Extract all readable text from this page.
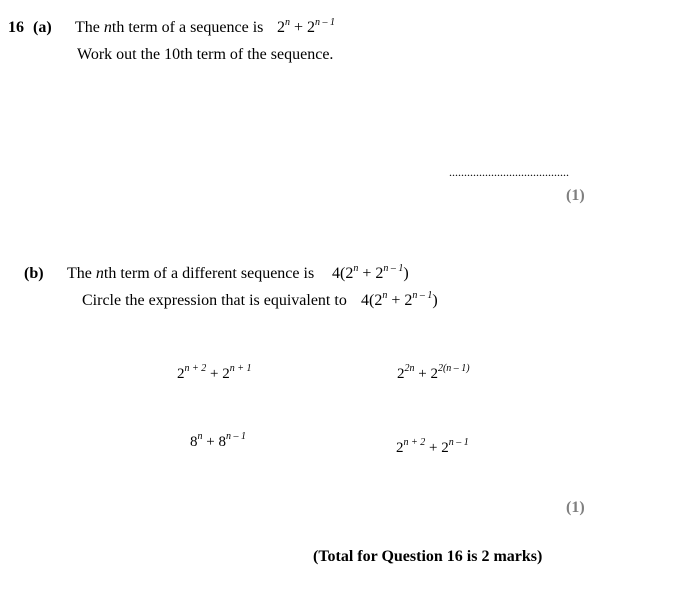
16 (a) The nth term of a sequence is $2^n + 2^{n - 1}$
Work out the 10th term of the sequence.
........................................
(1)
(b) The nth term of a different sequence is $4(2^n + 2^{n - 1})$
Circle the expression that is equivalent to $4(2^n + 2^{n - 1})$
$2^{n + 2} + 2^{n + 1}$	$2^{2n} + 2^{2(n - 1)}$
$8^n + 8^{n - 1}$
$2^{n + 2} + 2^{n - 1}$
(1)
(Total for Question 16 is 2 marks)
